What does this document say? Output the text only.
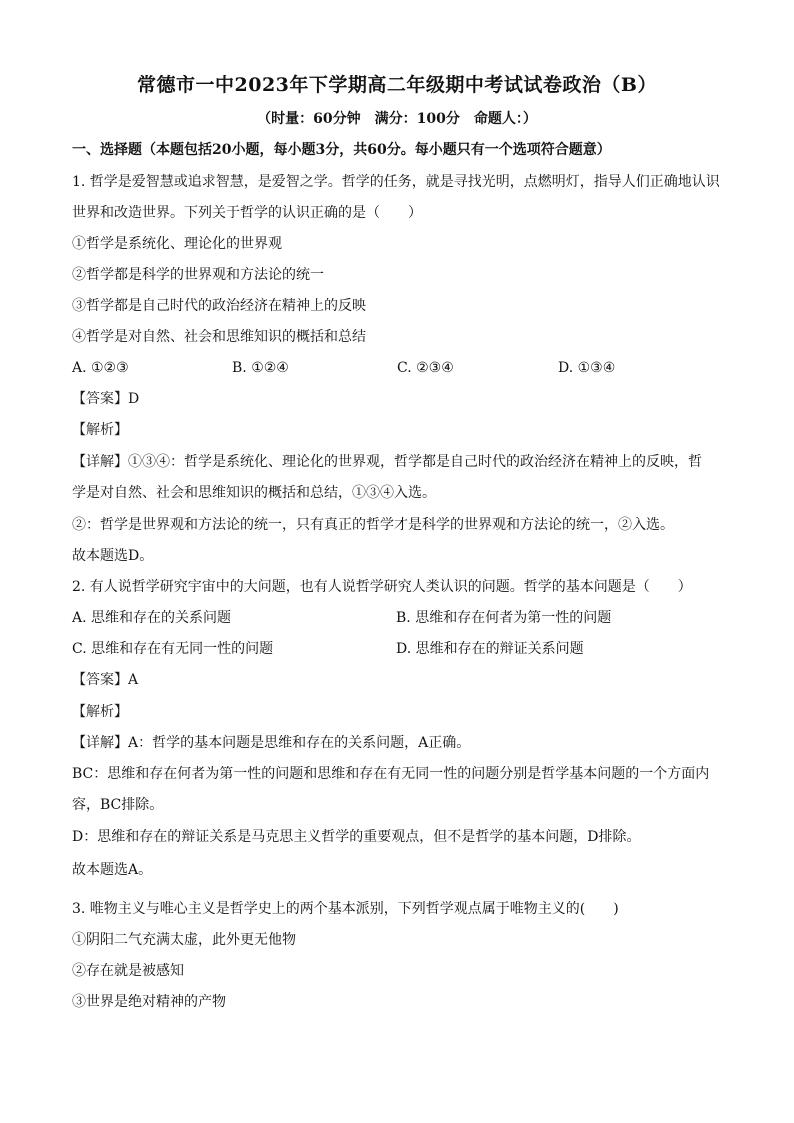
常德市一中2023年下学期高二年级期中考试试卷政治（B）
（时量：60分钟　满分：100分　命题人：）
一、选择题（本题包括20小题，每小题3分，共60分。每小题只有一个选项符合题意）
1. 哲学是爱智慧或追求智慧，是爱智之学。哲学的任务，就是寻找光明，点燃明灯，指导人们正确地认识
世界和改造世界。下列关于哲学的认识正确的是（　　）
①哲学是系统化、理论化的世界观
②哲学都是科学的世界观和方法论的统一
③哲学都是自己时代的政治经济在精神上的反映
④哲学是对自然、社会和思维知识的概括和总结
A. ①②③	B. ①②④	C. ②③④	D. ①③④
【答案】D
【解析】
【详解】①③④：哲学是系统化、理论化的世界观，哲学都是自己时代的政治经济在精神上的反映，哲
学是对自然、社会和思维知识的概括和总结，①③④入选。
②：哲学是世界观和方法论的统一，只有真正的哲学才是科学的世界观和方法论的统一，②入选。
故本题选D。
2. 有人说哲学研究宇宙中的大问题，也有人说哲学研究人类认识的问题。哲学的基本问题是（　　）
A. 思维和存在的关系问题	B. 思维和存在何者为第一性的问题
C. 思维和存在有无同一性的问题	D. 思维和存在的辩证关系问题
【答案】A
【解析】
【详解】A：哲学的基本问题是思维和存在的关系问题，A正确。
BC：思维和存在何者为第一性的问题和思维和存在有无同一性的问题分别是哲学基本问题的一个方面内
容，BC排除。
D：思维和存在的辩证关系是马克思主义哲学的重要观点，但不是哲学的基本问题，D排除。
故本题选A。
3. 唯物主义与唯心主义是哲学史上的两个基本派别，下列哲学观点属于唯物主义的(　　)
①阴阳二气充满太虚，此外更无他物
②存在就是被感知
③世界是绝对精神的产物
